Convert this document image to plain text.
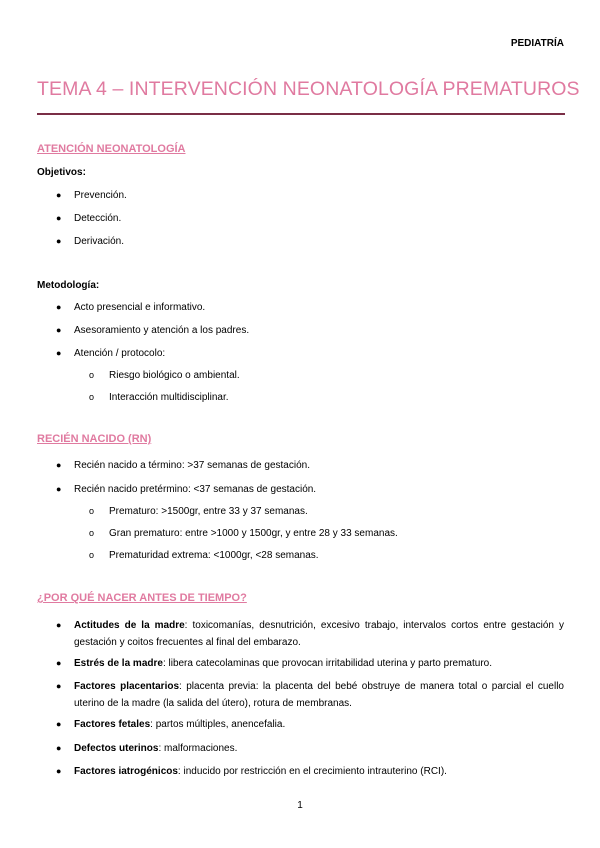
PEDIATRÍA
TEMA 4 – INTERVENCIÓN NEONATOLOGÍA PREMATUROS
ATENCIÓN NEONATOLOGÍA
Objetivos:
● Prevención.
● Detección.
● Derivación.
Metodología:
● Acto presencial e informativo.
● Asesoramiento y atención a los padres.
● Atención / protocolo:
o Riesgo biológico o ambiental.
o Interacción multidisciplinar.
RECIÉN NACIDO (RN)
● Recién nacido a término: >37 semanas de gestación.
● Recién nacido pretérmino: <37 semanas de gestación.
o Prematuro: >1500gr, entre 33 y 37 semanas.
o Gran prematuro: entre >1000 y 1500gr, y entre 28 y 33 semanas.
o Prematuridad extrema: <1000gr, <28 semanas.
¿POR QUÉ NACER ANTES DE TIEMPO?
● Actitudes de la madre: toxicomanías, desnutrición, excesivo trabajo, intervalos cortos entre gestación y gestación y coitos frecuentes al final del embarazo.
● Estrés de la madre: libera catecolaminas que provocan irritabilidad uterina y parto prematuro.
● Factores placentarios: placenta previa: la placenta del bebé obstruye de manera total o parcial el cuello uterino de la madre (la salida del útero), rotura de membranas.
● Factores fetales: partos múltiples, anencefalia.
● Defectos uterinos: malformaciones.
● Factores iatrogénicos: inducido por restricción en el crecimiento intrauterino (RCI).
1
